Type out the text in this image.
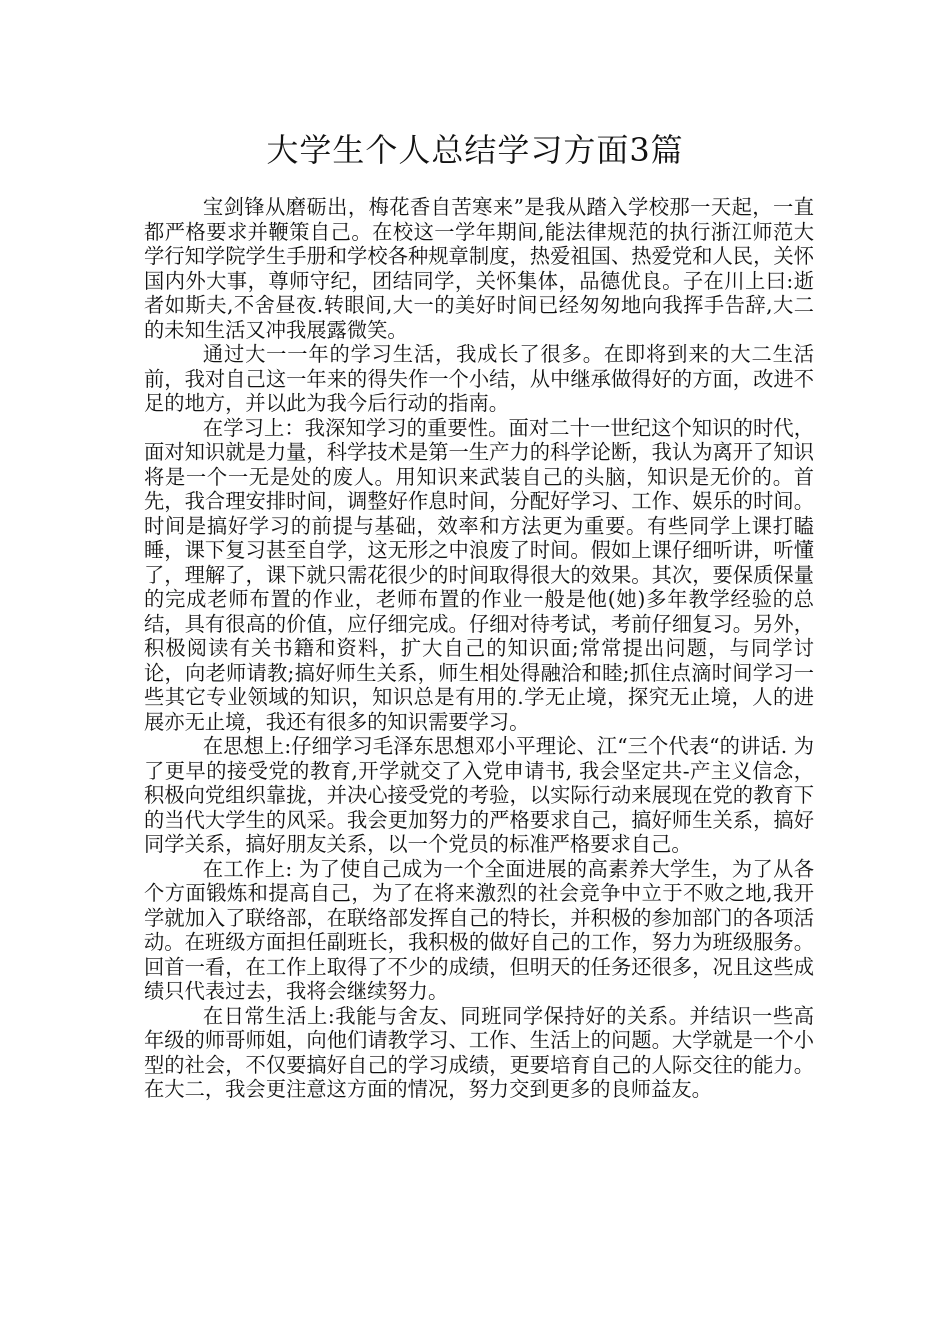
大学生个人总结学习方面3篇

宝剑锋从磨砺出，梅花香自苦寒来”是我从踏入学校那一天起，一直都严格要求并鞭策自己。在校这一学年期间,能法律规范的执行浙江师范大学行知学院学生手册和学校各种规章制度，热爱祖国、热爱党和人民，关怀国内外大事，尊师守纪，团结同学，关怀集体，品德优良。子在川上曰:逝者如斯夫,不舍昼夜.转眼间,大一的美好时间已经匆匆地向我挥手告辞,大二的未知生活又冲我展露微笑。

通过大一一年的学习生活，我成长了很多。在即将到来的大二生活前，我对自己这一年来的得失作一个小结，从中继承做得好的方面，改进不足的地方，并以此为我今后行动的指南。

在学习上：我深知学习的重要性。面对二十一世纪这个知识的时代，面对知识就是力量，科学技术是第一生产力的科学论断，我认为离开了知识将是一个一无是处的废人。用知识来武装自己的头脑，知识是无价的。首先，我合理安排时间，调整好作息时间，分配好学习、工作、娱乐的时间。时间是搞好学习的前提与基础，效率和方法更为重要。有些同学上课打瞌睡，课下复习甚至自学，这无形之中浪废了时间。假如上课仔细听讲，听懂了，理解了，课下就只需花很少的时间取得很大的效果。其次，要保质保量的完成老师布置的作业，老师布置的作业一般是他(她)多年教学经验的总结，具有很高的价值，应仔细完成。仔细对待考试，考前仔细复习。另外，积极阅读有关书籍和资料，扩大自己的知识面;常常提出问题，与同学讨论，向老师请教;搞好师生关系，师生相处得融洽和睦;抓住点滴时间学习一些其它专业领域的知识，知识总是有用的.学无止境，探究无止境，人的进展亦无止境，我还有很多的知识需要学习。

在思想上:仔细学习毛泽东思想邓小平理论、江“三个代表“的讲话. 为了更早的接受党的教育,开学就交了入党申请书, 我会坚定共-产主义信念，积极向党组织靠拢，并决心接受党的考验，以实际行动来展现在党的教育下的当代大学生的风采。我会更加努力的严格要求自己，搞好师生关系，搞好同学关系，搞好朋友关系，以一个党员的标准严格要求自己。

在工作上: 为了使自己成为一个全面进展的高素养大学生，为了从各个方面锻炼和提高自己，为了在将来激烈的社会竞争中立于不败之地,我开学就加入了联络部，在联络部发挥自己的特长，并积极的参加部门的各项活动。在班级方面担任副班长，我积极的做好自己的工作，努力为班级服务。回首一看，在工作上取得了不少的成绩，但明天的任务还很多，况且这些成绩只代表过去，我将会继续努力。

在日常生活上:我能与舍友、同班同学保持好的关系。并结识一些高年级的师哥师姐，向他们请教学习、工作、生活上的问题。大学就是一个小型的社会，不仅要搞好自己的学习成绩，更要培育自己的人际交往的能力。在大二，我会更注意这方面的情况，努力交到更多的良师益友。
